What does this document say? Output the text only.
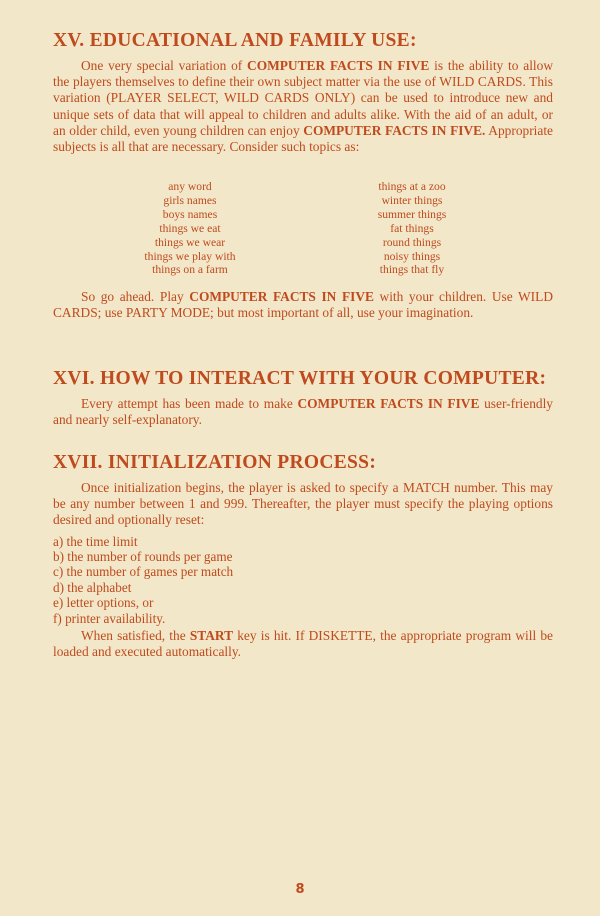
XV. EDUCATIONAL AND FAMILY USE:

One very special variation of COMPUTER FACTS IN FIVE is the ability to allow the players themselves to define their own subject matter via the use of WILD CARDS. This variation (PLAYER SELECT, WILD CARDS ONLY) can be used to introduce new and unique sets of data that will appeal to children and adults alike. With the aid of an adult, or an older child, even young children can enjoy COMPUTER FACTS IN FIVE. Appropriate subjects is all that are necessary. Consider such topics as:

any word
girls names
boys names
things we eat
things we wear
things we play with
things on a farm
things at a zoo
winter things
summer things
fat things
round things
noisy things
things that fly

So go ahead. Play COMPUTER FACTS IN FIVE with your children. Use WILD CARDS; use PARTY MODE; but most important of all, use your imagination.

XVI. HOW TO INTERACT WITH YOUR COMPUTER:

Every attempt has been made to make COMPUTER FACTS IN FIVE user-friendly and nearly self-explanatory.

XVII. INITIALIZATION PROCESS:

Once initialization begins, the player is asked to specify a MATCH number. This may be any number between 1 and 999. Thereafter, the player must specify the playing options desired and optionally reset:

a) the time limit
b) the number of rounds per game
c) the number of games per match
d) the alphabet
e) letter options, or
f) printer availability.

When satisfied, the START key is hit. If DISKETTE, the appropriate program will be loaded and executed automatically.

8
